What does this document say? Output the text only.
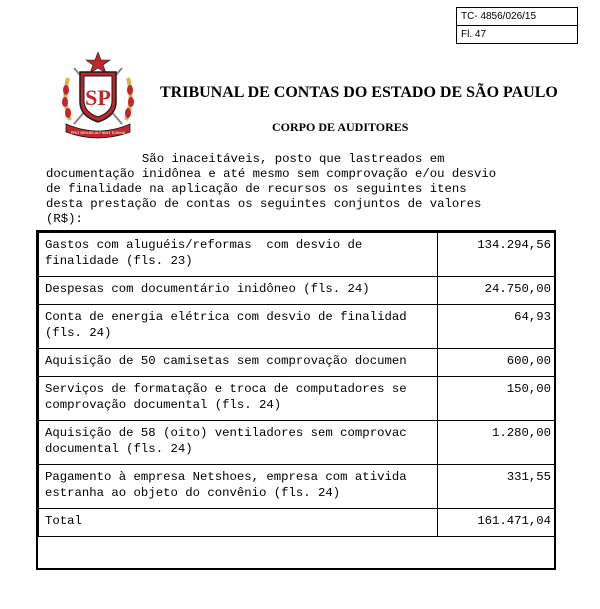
TC- 4856/026/15
Fl. 47
SP
PRO BRASILIA FIANT EXIMIA
TRIBUNAL DE CONTAS DO ESTADO DE SÃO PAULO
CORPO DE AUDITORES
São inaceitáveis, posto que lastreados em
documentação inidônea e até mesmo sem comprovação e/ou desvio
de finalidade na aplicação de recursos os seguintes itens
desta prestação de contas os seguintes conjuntos de valores
(R$):
Gastos com aluguéis/reformas  com desvio de
finalidade (fls. 23)	134.294,56

Despesas com documentário inidôneo (fls. 24)	24.750,00

Conta de energia elétrica com desvio de finalidad
(fls. 24)	64,93

Aquisição de 50 camisetas sem comprovação documen	600,00

Serviços de formatação e troca de computadores se
comprovação documental (fls. 24)	150,00

Aquisição de 58 (oito) ventiladores sem comprovac
documental (fls. 24)	1.280,00

Pagamento à empresa Netshoes, empresa com ativida
estranha ao objeto do convênio (fls. 24)	331,55
Total	161.471,04
